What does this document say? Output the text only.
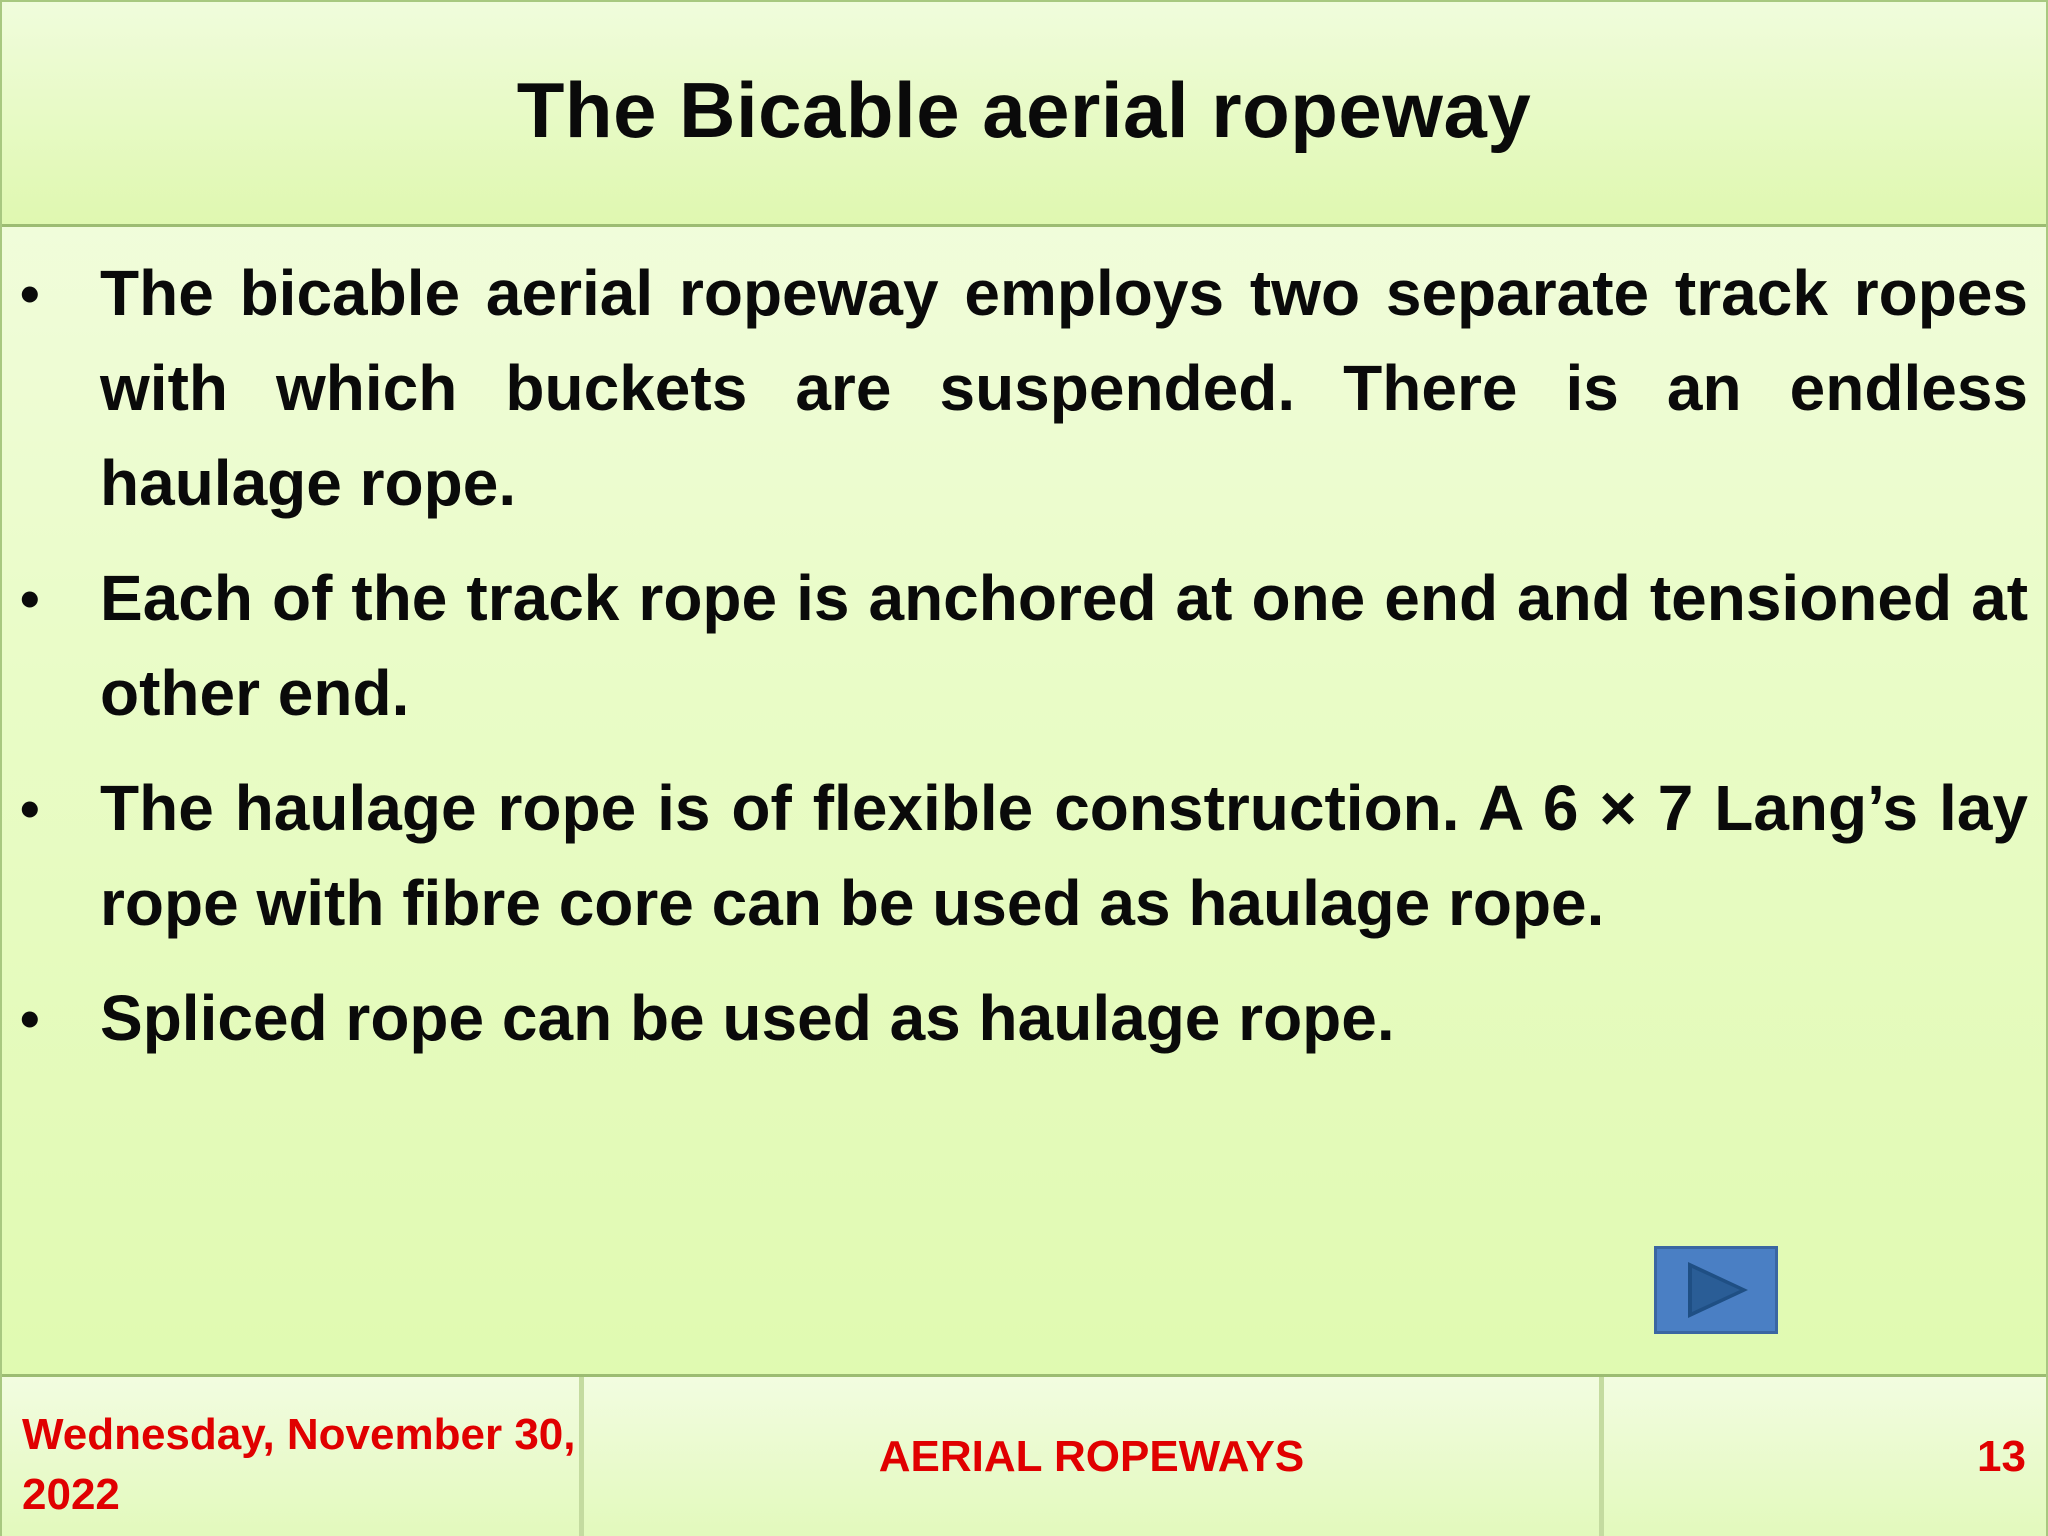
The Bicable aerial ropeway
• The bicable aerial ropeway employs two separate track ropes with which buckets are suspended. There is an endless haulage rope.
• Each of the track rope is anchored at one end and tensioned at other end.
• The haulage rope is of flexible construction. A 6 × 7 Lang’s lay rope with fibre core can be used as haulage rope.
• Spliced rope can be used as haulage rope.
Wednesday, November 30, 2022
AERIAL ROPEWAYS	13
